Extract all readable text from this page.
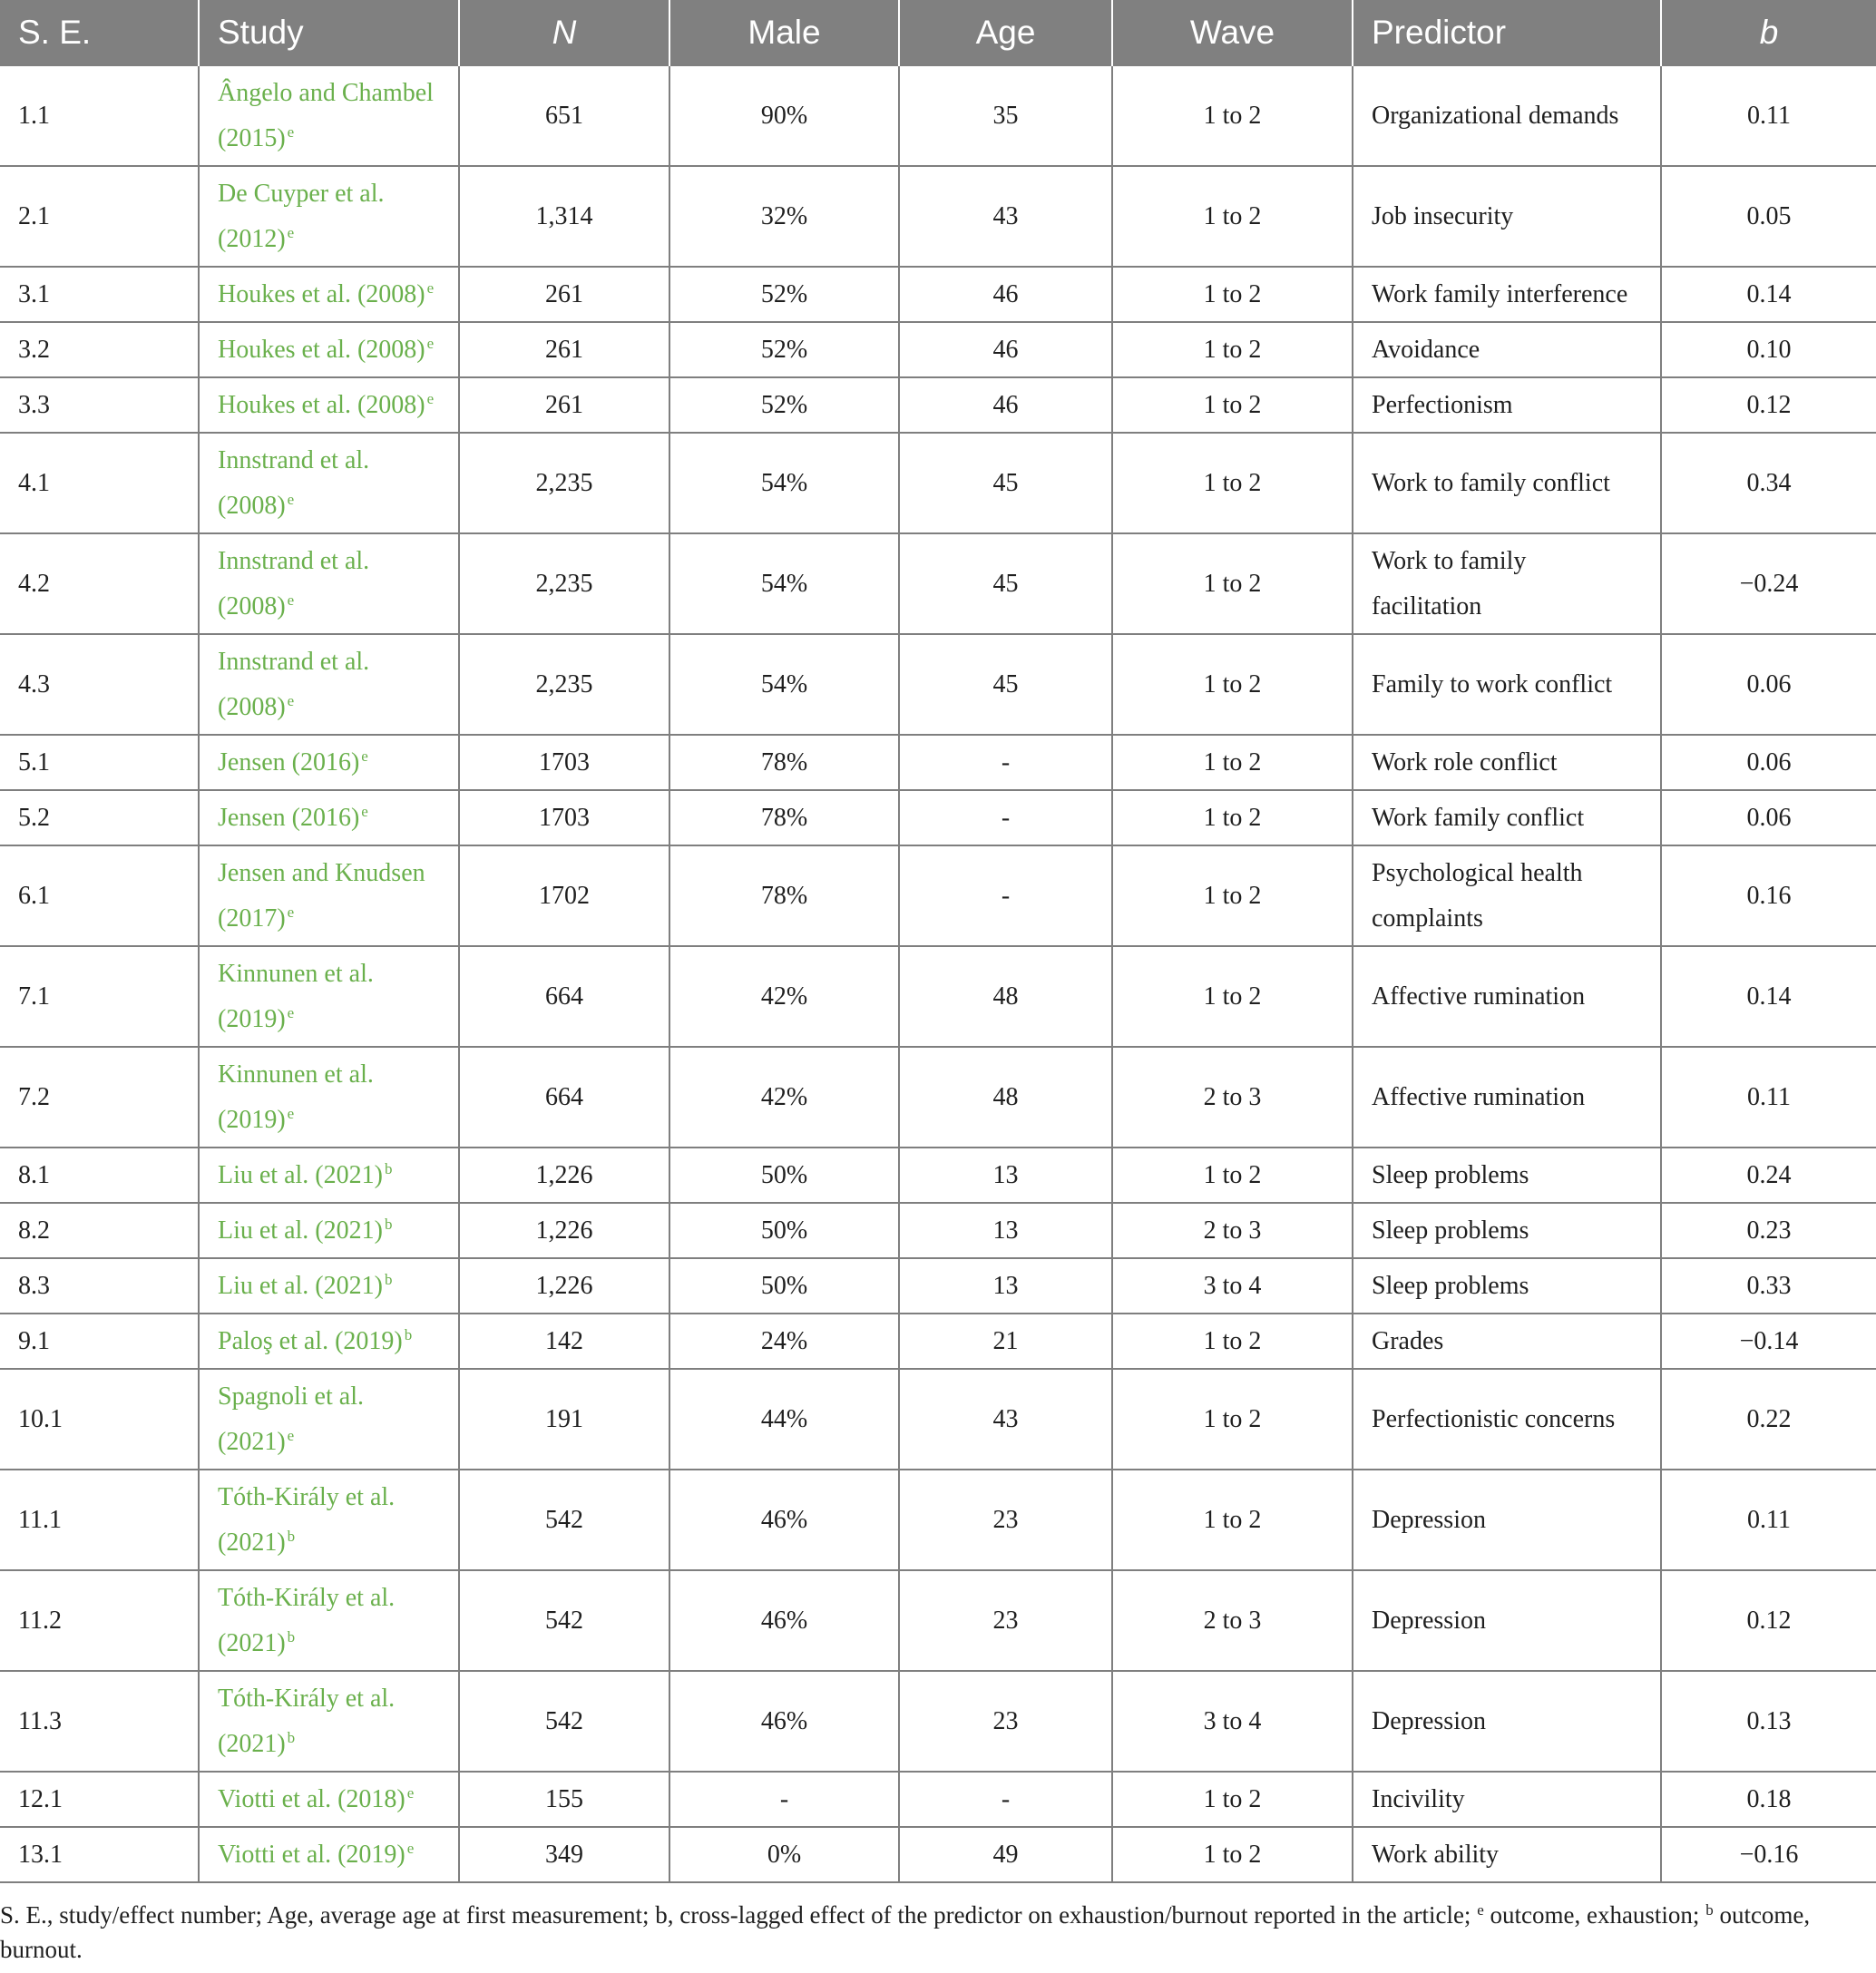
S. E.	Study	N	Male	Age	Wave	Predictor	b
1.1	Ângelo and Chambel (2015) $^e$	651	90%	35	1 to 2	Organizational demands	0.11
2.1	De Cuyper et al. (2012) $^e$	1,314	32%	43	1 to 2	Job insecurity	0.05
3.1	Houkes et al. (2008) $^e$	261	52%	46	1 to 2	Work family interference	0.14
3.2	Houkes et al. (2008) $^e$	261	52%	46	1 to 2	Avoidance	0.10
3.3	Houkes et al. (2008) $^e$	261	52%	46	1 to 2	Perfectionism	0.12
4.1	Innstrand et al. (2008) $^e$	2,235	54%	45	1 to 2	Work to family conflict	0.34
4.2	Innstrand et al. (2008) $^e$	2,235	54%	45	1 to 2	Work to family facilitation	−0.24
4.3	Innstrand et al. (2008) $^e$	2,235	54%	45	1 to 2	Family to work conflict	0.06
5.1	Jensen (2016) $^e$	1703	78%	-	1 to 2	Work role conflict	0.06
5.2	Jensen (2016) $^e$	1703	78%	-	1 to 2	Work family conflict	0.06
6.1	Jensen and Knudsen (2017) $^e$	1702	78%	-	1 to 2	Psychological health complaints	0.16
7.1	Kinnunen et al. (2019) $^e$	664	42%	48	1 to 2	Affective rumination	0.14
7.2	Kinnunen et al. (2019) $^e$	664	42%	48	2 to 3	Affective rumination	0.11
8.1	Liu et al. (2021) $^b$	1,226	50%	13	1 to 2	Sleep problems	0.24
8.2	Liu et al. (2021) $^b$	1,226	50%	13	2 to 3	Sleep problems	0.23
8.3	Liu et al. (2021) $^b$	1,226	50%	13	3 to 4	Sleep problems	0.33
9.1	Paloş et al. (2019) $^b$	142	24%	21	1 to 2	Grades	−0.14
10.1	Spagnoli et al. (2021) $^e$	191	44%	43	1 to 2	Perfectionistic concerns	0.22
11.1	Tóth-Király et al. (2021) $^b$	542	46%	23	1 to 2	Depression	0.11
11.2	Tóth-Király et al. (2021) $^b$	542	46%	23	2 to 3	Depression	0.12
11.3	Tóth-Király et al. (2021) $^b$	542	46%	23	3 to 4	Depression	0.13
12.1	Viotti et al. (2018) $^e$	155	-	-	1 to 2	Incivility	0.18
13.1	Viotti et al. (2019) $^e$	349	0%	49	1 to 2	Work ability	−0.16
S. E., study/effect number; Age, average age at first measurement; b, cross-lagged effect of the predictor on exhaustion/burnout reported in the article; $^e$ outcome, exhaustion; $^b$ outcome, burnout.
